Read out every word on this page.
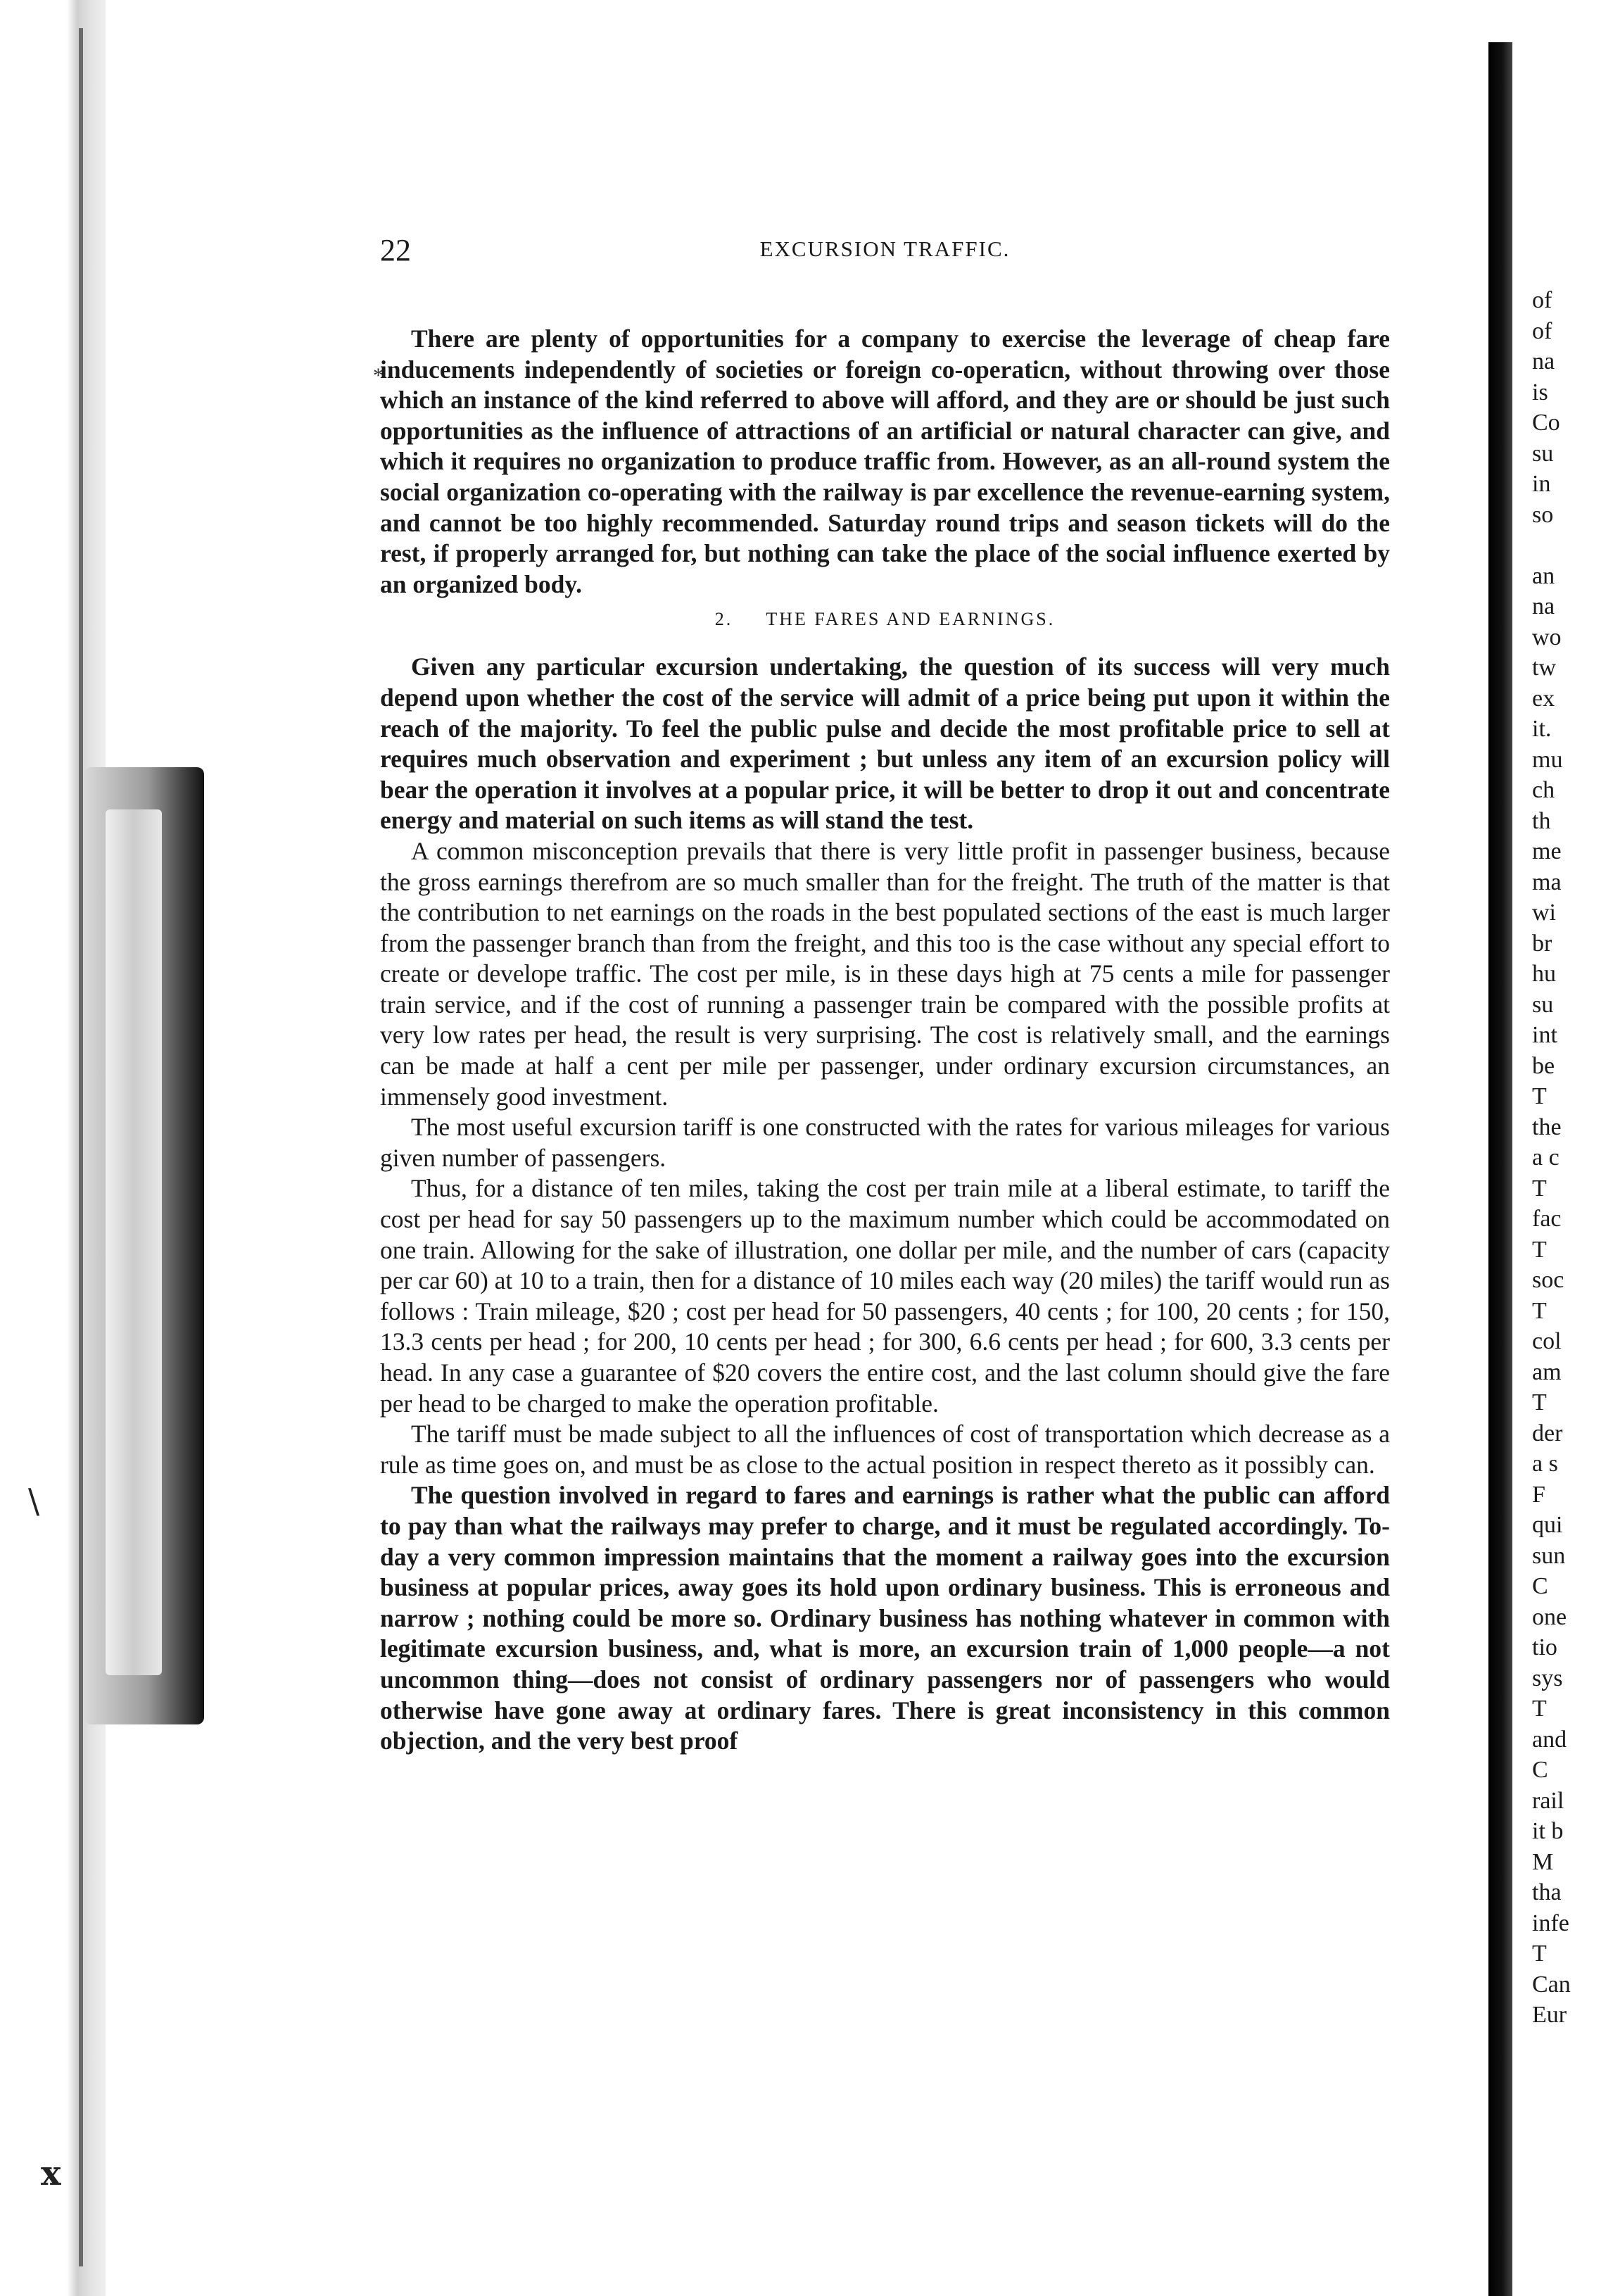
\
x
of
of
na
is
Co
su
in
so
an
na
wo
tw
ex
it.
mu
ch
th
me
ma
wi
br
hu
su
int
be
T
the
a c
T
fac
T
soc
T
col
am
T
der
a s
F
qui
sun
C
one
tio
sys
T
and
C
rail
it b
M
tha
infe
T
Can
Eur
*
22	EXCURSION TRAFFIC.

There are plenty of opportunities for a company to exercise the leverage of cheap fare inducements independently of societies or foreign co-operaticn, without throwing over those which an instance of the kind referred to above will afford, and they are or should be just such opportunities as the influence of attractions of an artificial or natural character can give, and which it requires no organization to produce traffic from. However, as an all-round system the social organization co-operating with the railway is par excellence the revenue-earning system, and cannot be too highly recommended. Saturday round trips and season tickets will do the rest, if properly arranged for, but nothing can take the place of the social influence exerted by an organized body.

2. THE FARES AND EARNINGS.

Given any particular excursion undertaking, the question of its success will very much depend upon whether the cost of the service will admit of a price being put upon it within the reach of the majority. To feel the public pulse and decide the most profitable price to sell at requires much observation and experiment ; but unless any item of an excursion policy will bear the operation it involves at a popular price, it will be better to drop it out and concentrate energy and material on such items as will stand the test.

A common misconception prevails that there is very little profit in passenger business, because the gross earnings therefrom are so much smaller than for the freight. The truth of the matter is that the contribution to net earnings on the roads in the best populated sections of the east is much larger from the passenger branch than from the freight, and this too is the case without any special effort to create or develope traffic. The cost per mile, is in these days high at 75 cents a mile for passenger train service, and if the cost of running a passenger train be compared with the possible profits at very low rates per head, the result is very surprising. The cost is relatively small, and the earnings can be made at half a cent per mile per passenger, under ordinary excursion circumstances, an immensely good investment.

The most useful excursion tariff is one constructed with the rates for various mileages for various given number of passengers.

Thus, for a distance of ten miles, taking the cost per train mile at a liberal estimate, to tariff the cost per head for say 50 passengers up to the maximum number which could be accommodated on one train. Allowing for the sake of illustration, one dollar per mile, and the number of cars (capacity per car 60) at 10 to a train, then for a distance of 10 miles each way (20 miles) the tariff would run as follows : Train mileage, $20 ; cost per head for 50 passengers, 40 cents ; for 100, 20 cents ; for 150, 13.3 cents per head ; for 200, 10 cents per head ; for 300, 6.6 cents per head ; for 600, 3.3 cents per head. In any case a guarantee of $20 covers the entire cost, and the last column should give the fare per head to be charged to make the operation profitable.

The tariff must be made subject to all the influences of cost of transportation which decrease as a rule as time goes on, and must be as close to the actual position in respect thereto as it possibly can.

The question involved in regard to fares and earnings is rather what the public can afford to pay than what the railways may prefer to charge, and it must be regulated accordingly. To-day a very common impression maintains that the moment a railway goes into the excursion business at popular prices, away goes its hold upon ordinary business. This is erroneous and narrow ; nothing could be more so. Ordinary business has nothing whatever in common with legitimate excursion business, and, what is more, an excursion train of 1,000 people—a not uncommon thing—does not consist of ordinary passengers nor of passengers who would otherwise have gone away at ordinary fares. There is great inconsistency in this common objection, and the very best proof
